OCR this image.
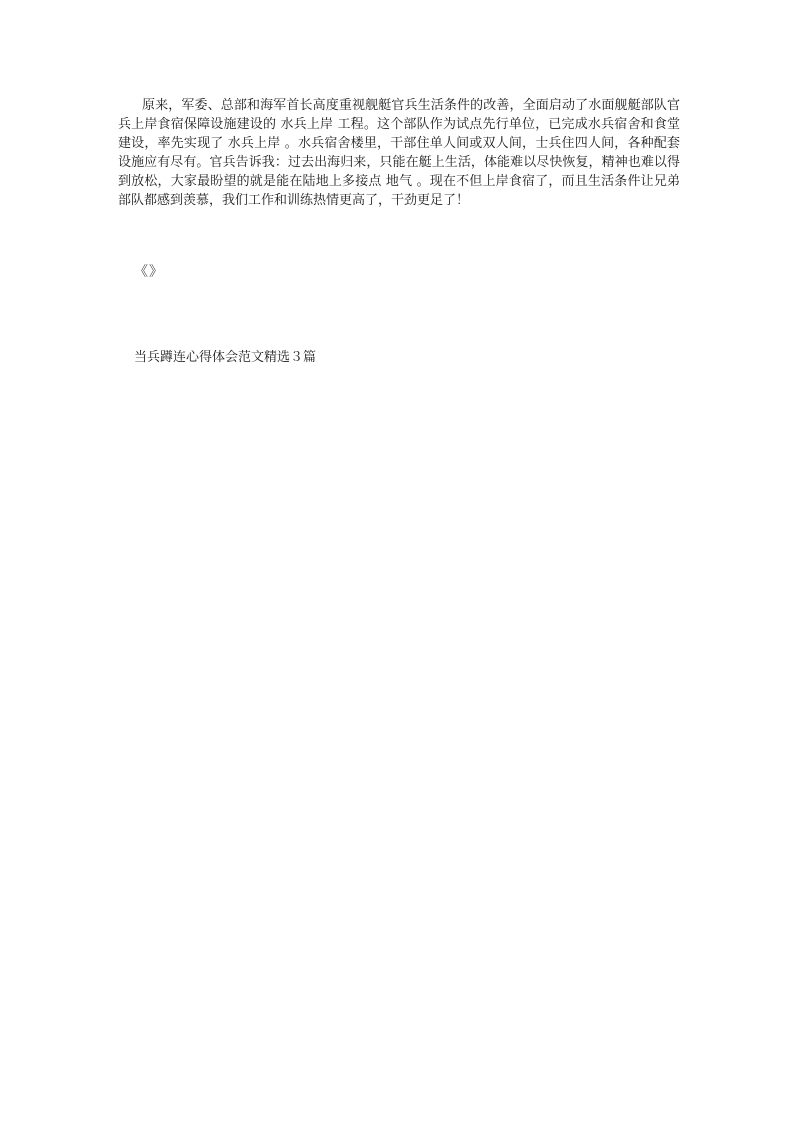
原来，军委、总部和海军首长高度重视舰艇官兵生活条件的改善，全面启动了水面舰艇部队官兵上岸食宿保障设施建设的 水兵上岸 工程。这个部队作为试点先行单位，已完成水兵宿舍和食堂建设，率先实现了 水兵上岸 。水兵宿舍楼里，干部住单人间或双人间，士兵住四人间，各种配套设施应有尽有。官兵告诉我：过去出海归来，只能在艇上生活，体能难以尽快恢复，精神也难以得到放松，大家最盼望的就是能在陆地上多接点 地气 。现在不但上岸食宿了，而且生活条件让兄弟部队都感到羡慕，我们工作和训练热情更高了，干劲更足了！

《》

当兵蹲连心得体会范文精选３篇
